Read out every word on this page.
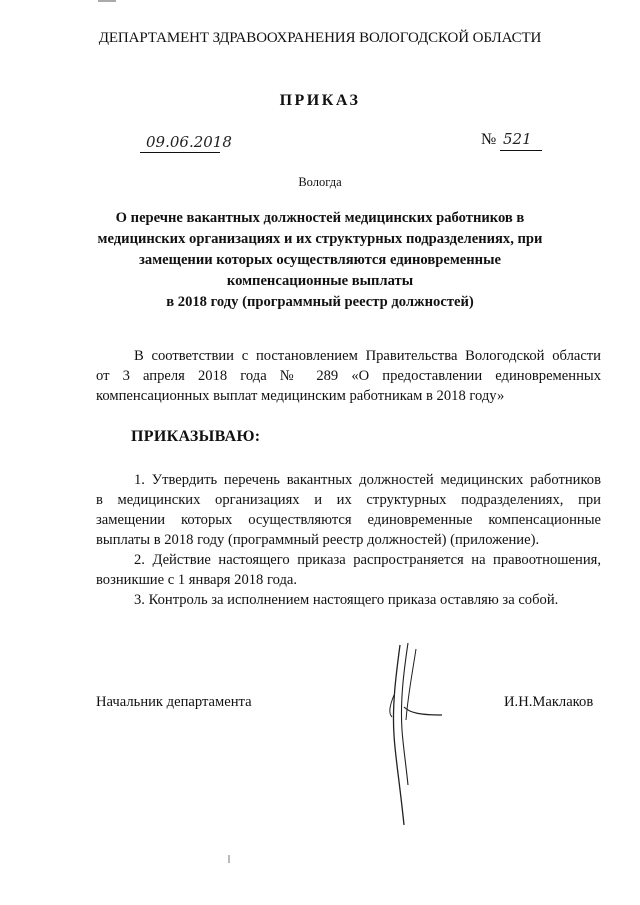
ДЕПАРТАМЕНТ ЗДРАВООХРАНЕНИЯ ВОЛОГОДСКОЙ ОБЛАСТИ
ПРИКАЗ
09.06.2018	№ 521
Вологда
О перечне вакантных должностей медицинских работников в
медицинских организациях и их структурных подразделениях, при
замещении которых осуществляются единовременные
компенсационные выплаты
в 2018 году (программный реестр должностей)
В соответствии с постановлением Правительства Вологодской области
от 3 апреля 2018 года № 289 «О предоставлении единовременных
компенсационных выплат медицинским работникам в 2018 году»
ПРИКАЗЫВАЮ:
1. Утвердить перечень вакантных должностей медицинских работников
в медицинских организациях и их структурных подразделениях, при
замещении которых осуществляются единовременные компенсационные
выплаты в 2018 году (программный реестр должностей) (приложение).
2. Действие настоящего приказа распространяется на правоотношения,
возникшие с 1 января 2018 года.
3. Контроль за исполнением настоящего приказа оставляю за собой.
Начальник департамента	И.Н.Маклаков
